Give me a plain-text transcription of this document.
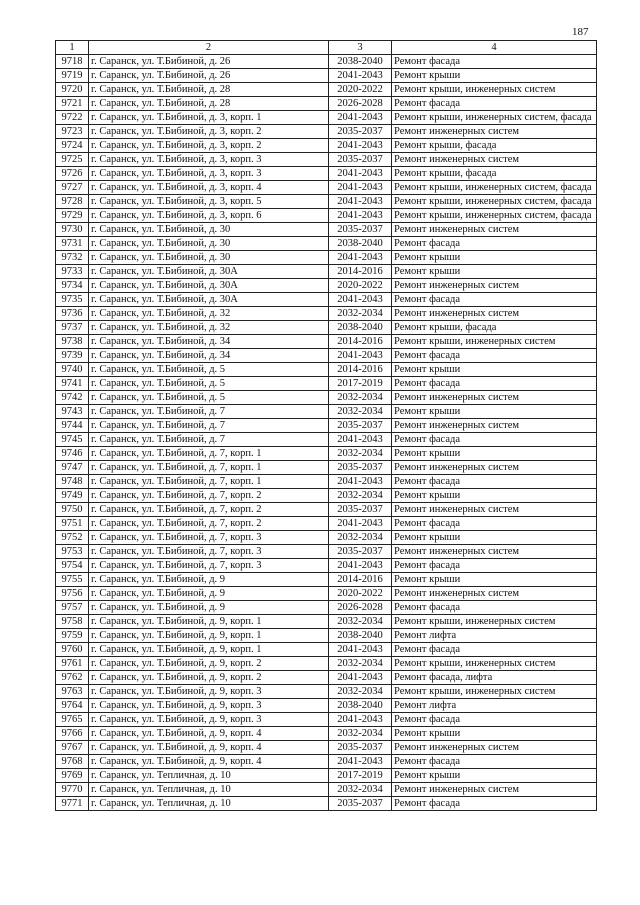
187
1	2	3	4
9718	г. Саранск, ул. Т.Бибиной, д. 26	2038-2040	Ремонт фасада
9719	г. Саранск, ул. Т.Бибиной, д. 26	2041-2043	Ремонт крыши
9720	г. Саранск, ул. Т.Бибиной, д. 28	2020-2022	Ремонт крыши, инженерных систем
9721	г. Саранск, ул. Т.Бибиной, д. 28	2026-2028	Ремонт фасада
9722	г. Саранск, ул. Т.Бибиной, д. 3, корп. 1	2041-2043	Ремонт крыши, инженерных систем, фасада
9723	г. Саранск, ул. Т.Бибиной, д. 3, корп. 2	2035-2037	Ремонт инженерных систем
9724	г. Саранск, ул. Т.Бибиной, д. 3, корп. 2	2041-2043	Ремонт крыши, фасада
9725	г. Саранск, ул. Т.Бибиной, д. 3, корп. 3	2035-2037	Ремонт инженерных систем
9726	г. Саранск, ул. Т.Бибиной, д. 3, корп. 3	2041-2043	Ремонт крыши, фасада
9727	г. Саранск, ул. Т.Бибиной, д. 3, корп. 4	2041-2043	Ремонт крыши, инженерных систем, фасада
9728	г. Саранск, ул. Т.Бибиной, д. 3, корп. 5	2041-2043	Ремонт крыши, инженерных систем, фасада
9729	г. Саранск, ул. Т.Бибиной, д. 3, корп. 6	2041-2043	Ремонт крыши, инженерных систем, фасада
9730	г. Саранск, ул. Т.Бибиной, д. 30	2035-2037	Ремонт инженерных систем
9731	г. Саранск, ул. Т.Бибиной, д. 30	2038-2040	Ремонт фасада
9732	г. Саранск, ул. Т.Бибиной, д. 30	2041-2043	Ремонт крыши
9733	г. Саранск, ул. Т.Бибиной, д. 30А	2014-2016	Ремонт крыши
9734	г. Саранск, ул. Т.Бибиной, д. 30А	2020-2022	Ремонт инженерных систем
9735	г. Саранск, ул. Т.Бибиной, д. 30А	2041-2043	Ремонт фасада
9736	г. Саранск, ул. Т.Бибиной, д. 32	2032-2034	Ремонт инженерных систем
9737	г. Саранск, ул. Т.Бибиной, д. 32	2038-2040	Ремонт крыши, фасада
9738	г. Саранск, ул. Т.Бибиной, д. 34	2014-2016	Ремонт крыши, инженерных систем
9739	г. Саранск, ул. Т.Бибиной, д. 34	2041-2043	Ремонт фасада
9740	г. Саранск, ул. Т.Бибиной, д. 5	2014-2016	Ремонт крыши
9741	г. Саранск, ул. Т.Бибиной, д. 5	2017-2019	Ремонт фасада
9742	г. Саранск, ул. Т.Бибиной, д. 5	2032-2034	Ремонт инженерных систем
9743	г. Саранск, ул. Т.Бибиной, д. 7	2032-2034	Ремонт крыши
9744	г. Саранск, ул. Т.Бибиной, д. 7	2035-2037	Ремонт инженерных систем
9745	г. Саранск, ул. Т.Бибиной, д. 7	2041-2043	Ремонт фасада
9746	г. Саранск, ул. Т.Бибиной, д. 7, корп. 1	2032-2034	Ремонт крыши
9747	г. Саранск, ул. Т.Бибиной, д. 7, корп. 1	2035-2037	Ремонт инженерных систем
9748	г. Саранск, ул. Т.Бибиной, д. 7, корп. 1	2041-2043	Ремонт фасада
9749	г. Саранск, ул. Т.Бибиной, д. 7, корп. 2	2032-2034	Ремонт крыши
9750	г. Саранск, ул. Т.Бибиной, д. 7, корп. 2	2035-2037	Ремонт инженерных систем
9751	г. Саранск, ул. Т.Бибиной, д. 7, корп. 2	2041-2043	Ремонт фасада
9752	г. Саранск, ул. Т.Бибиной, д. 7, корп. 3	2032-2034	Ремонт крыши
9753	г. Саранск, ул. Т.Бибиной, д. 7, корп. 3	2035-2037	Ремонт инженерных систем
9754	г. Саранск, ул. Т.Бибиной, д. 7, корп. 3	2041-2043	Ремонт фасада
9755	г. Саранск, ул. Т.Бибиной, д. 9	2014-2016	Ремонт крыши
9756	г. Саранск, ул. Т.Бибиной, д. 9	2020-2022	Ремонт инженерных систем
9757	г. Саранск, ул. Т.Бибиной, д. 9	2026-2028	Ремонт фасада
9758	г. Саранск, ул. Т.Бибиной, д. 9, корп. 1	2032-2034	Ремонт крыши, инженерных систем
9759	г. Саранск, ул. Т.Бибиной, д. 9, корп. 1	2038-2040	Ремонт лифта
9760	г. Саранск, ул. Т.Бибиной, д. 9, корп. 1	2041-2043	Ремонт фасада
9761	г. Саранск, ул. Т.Бибиной, д. 9, корп. 2	2032-2034	Ремонт крыши, инженерных систем
9762	г. Саранск, ул. Т.Бибиной, д. 9, корп. 2	2041-2043	Ремонт фасада, лифта
9763	г. Саранск, ул. Т.Бибиной, д. 9, корп. 3	2032-2034	Ремонт крыши, инженерных систем
9764	г. Саранск, ул. Т.Бибиной, д. 9, корп. 3	2038-2040	Ремонт лифта
9765	г. Саранск, ул. Т.Бибиной, д. 9, корп. 3	2041-2043	Ремонт фасада
9766	г. Саранск, ул. Т.Бибиной, д. 9, корп. 4	2032-2034	Ремонт крыши
9767	г. Саранск, ул. Т.Бибиной, д. 9, корп. 4	2035-2037	Ремонт инженерных систем
9768	г. Саранск, ул. Т.Бибиной, д. 9, корп. 4	2041-2043	Ремонт фасада
9769	г. Саранск, ул. Тепличная, д. 10	2017-2019	Ремонт крыши
9770	г. Саранск, ул. Тепличная, д. 10	2032-2034	Ремонт инженерных систем
9771	г. Саранск, ул. Тепличная, д. 10	2035-2037	Ремонт фасада
